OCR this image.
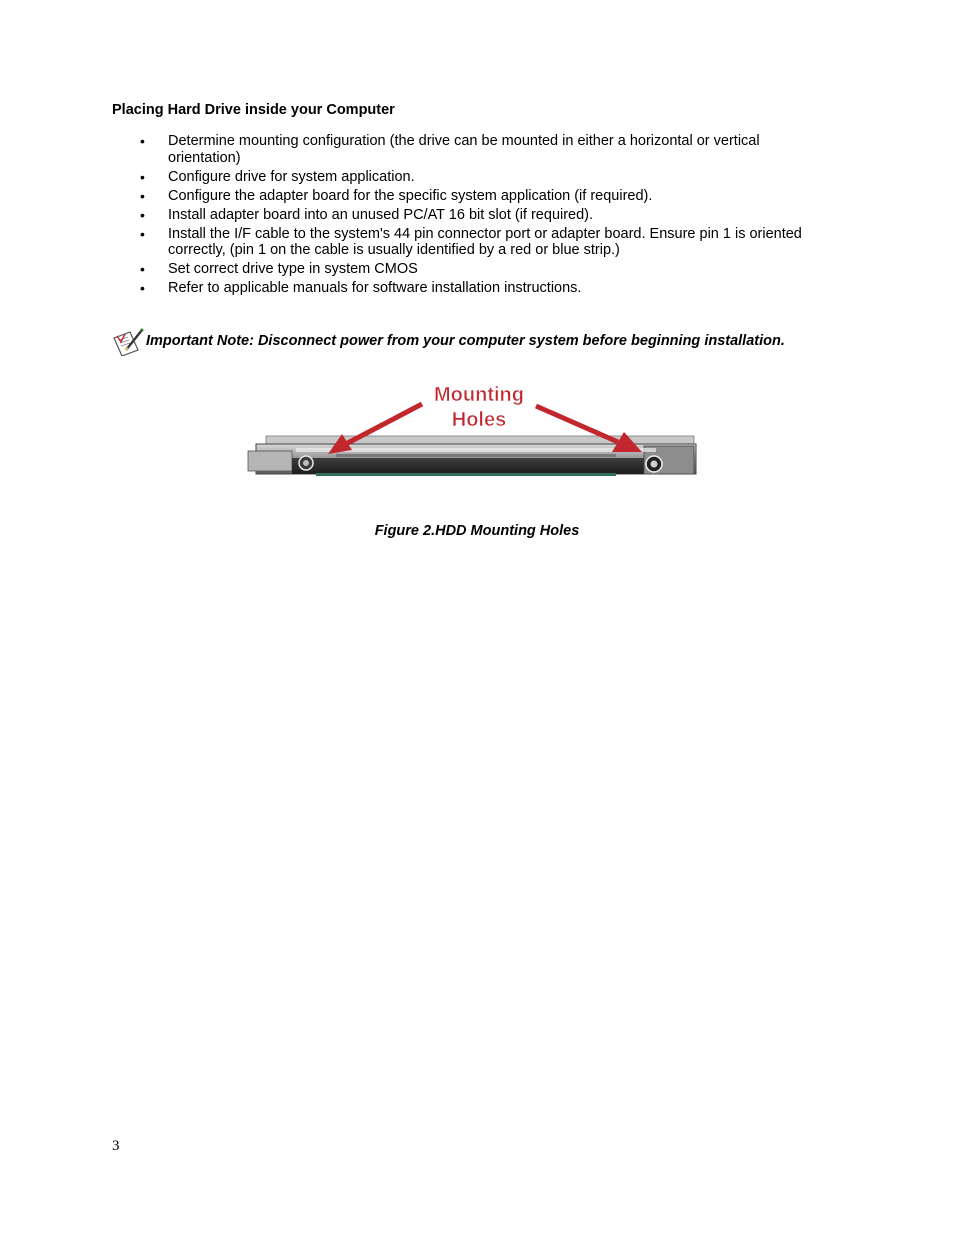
Placing Hard Drive inside your Computer
• Determine mounting configuration (the drive can be mounted in either a horizontal or vertical orientation)
• Configure drive for system application.
• Configure the adapter board for the specific system application (if required).
• Install adapter board into an unused PC/AT 16 bit slot (if required).
• Install the I/F cable to the system's 44 pin connector port or adapter board. Ensure pin 1 is oriented correctly, (pin 1 on the cable is usually identified by a red or blue strip.)
• Set correct drive type in system CMOS
• Refer to applicable manuals for software installation instructions.
Important Note: Disconnect power from your computer system before beginning installation.
Mounting
Holes
Figure 2.HDD Mounting Holes
3
